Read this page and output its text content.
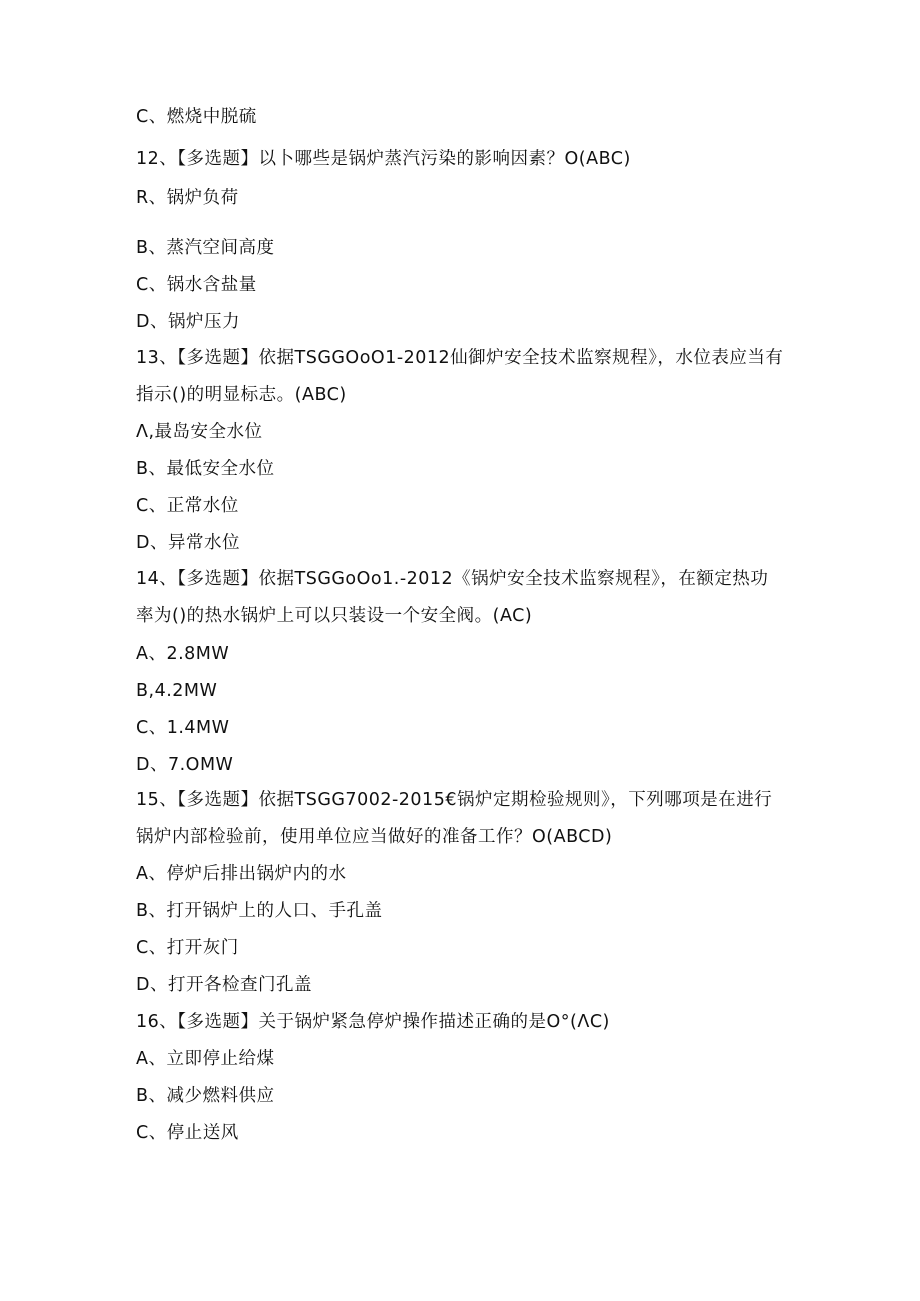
C、燃烧中脱硫
12、【多选题】以卜哪些是锅炉蒸汽污染的影响因素？O(ABC)
R、锅炉负荷
B、蒸汽空间高度
C、锅水含盐量
D、锅炉压力
13、【多选题】依据TSGGOoO1-2012仙御炉安全技术监察规程》，水位表应当有
指示()的明显标志。(ABC)
Λ,最岛安全水位
B、最低安全水位
C、正常水位
D、异常水位
14、【多选题】依据TSGGoOo1.-2012《锅炉安全技术监察规程》，在额定热功
率为()的热水锅炉上可以只装设一个安全阀。(AC)
A、2.8MW
B,4.2MW
C、1.4MW
D、7.OMW
15、【多选题】依据TSGG7002-2015€锅炉定期检验规则》，下列哪项是在进行
锅炉内部检验前，使用单位应当做好的准备工作？O(ABCD)
A、停炉后排出锅炉内的水
B、打开锅炉上的人口、手孔盖
C、打开灰门
D、打开各检查门孔盖
16、【多选题】关于锅炉紧急停炉操作描述正确的是O°(ΛC)
A、立即停止给煤
B、减少燃料供应
C、停止送风
